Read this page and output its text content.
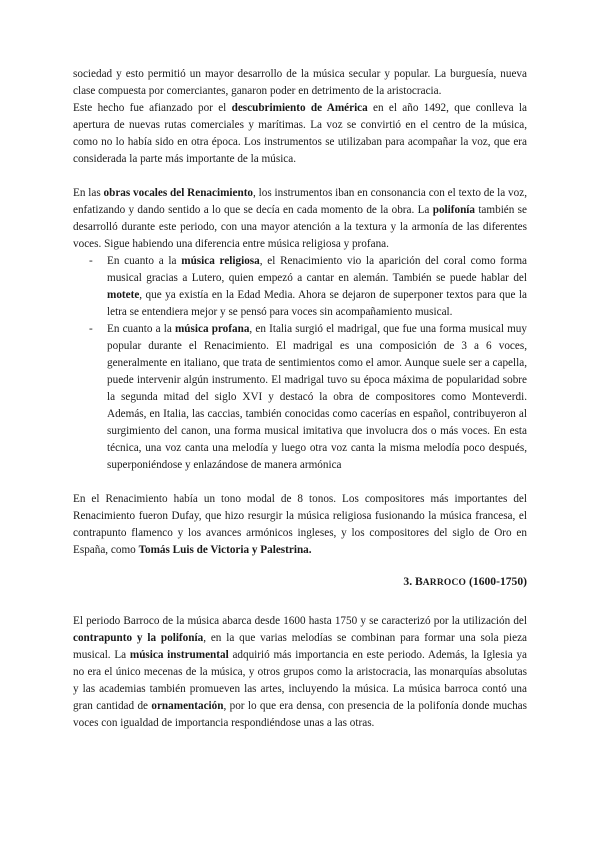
sociedad y esto permitió un mayor desarrollo de la música secular y popular. La burguesía, nueva clase compuesta por comerciantes, ganaron poder en detrimento de la aristocracia.

Este hecho fue afianzado por el descubrimiento de América en el año 1492, que conlleva la apertura de nuevas rutas comerciales y marítimas. La voz se convirtió en el centro de la música, como no lo había sido en otra época. Los instrumentos se utilizaban para acompañar la voz, que era considerada la parte más importante de la música.

En las obras vocales del Renacimiento, los instrumentos iban en consonancia con el texto de la voz, enfatizando y dando sentido a lo que se decía en cada momento de la obra. La polifonía también se desarrolló durante este periodo, con una mayor atención a la textura y la armonía de las diferentes voces. Sigue habiendo una diferencia entre música religiosa y profana.

- En cuanto a la música religiosa, el Renacimiento vio la aparición del coral como forma musical gracias a Lutero, quien empezó a cantar en alemán. También se puede hablar del motete, que ya existía en la Edad Media. Ahora se dejaron de superponer textos para que la letra se entendiera mejor y se pensó para voces sin acompañamiento musical.
- En cuanto a la música profana, en Italia surgió el madrigal, que fue una forma musical muy popular durante el Renacimiento. El madrigal es una composición de 3 a 6 voces, generalmente en italiano, que trata de sentimientos como el amor. Aunque suele ser a capella, puede intervenir algún instrumento. El madrigal tuvo su época máxima de popularidad sobre la segunda mitad del siglo XVI y destacó la obra de compositores como Monteverdi. Además, en Italia, las caccias, también conocidas como cacerías en español, contribuyeron al surgimiento del canon, una forma musical imitativa que involucra dos o más voces. En esta técnica, una voz canta una melodía y luego otra voz canta la misma melodía poco después, superponiéndose y enlazándose de manera armónica

En el Renacimiento había un tono modal de 8 tonos. Los compositores más importantes del Renacimiento fueron Dufay, que hizo resurgir la música religiosa fusionando la música francesa, el contrapunto flamenco y los avances armónicos ingleses, y los compositores del siglo de Oro en España, como Tomás Luis de Victoria y Palestrina.

3. BARROCO (1600-1750)

El periodo Barroco de la música abarca desde 1600 hasta 1750 y se caracterizó por la utilización del contrapunto y la polifonía, en la que varias melodías se combinan para formar una sola pieza musical. La música instrumental adquirió más importancia en este periodo. Además, la Iglesia ya no era el único mecenas de la música, y otros grupos como la aristocracia, las monarquías absolutas y las academias también promueven las artes, incluyendo la música. La música barroca contó una gran cantidad de ornamentación, por lo que era densa, con presencia de la polifonía donde muchas voces con igualdad de importancia respondiéndose unas a las otras.
